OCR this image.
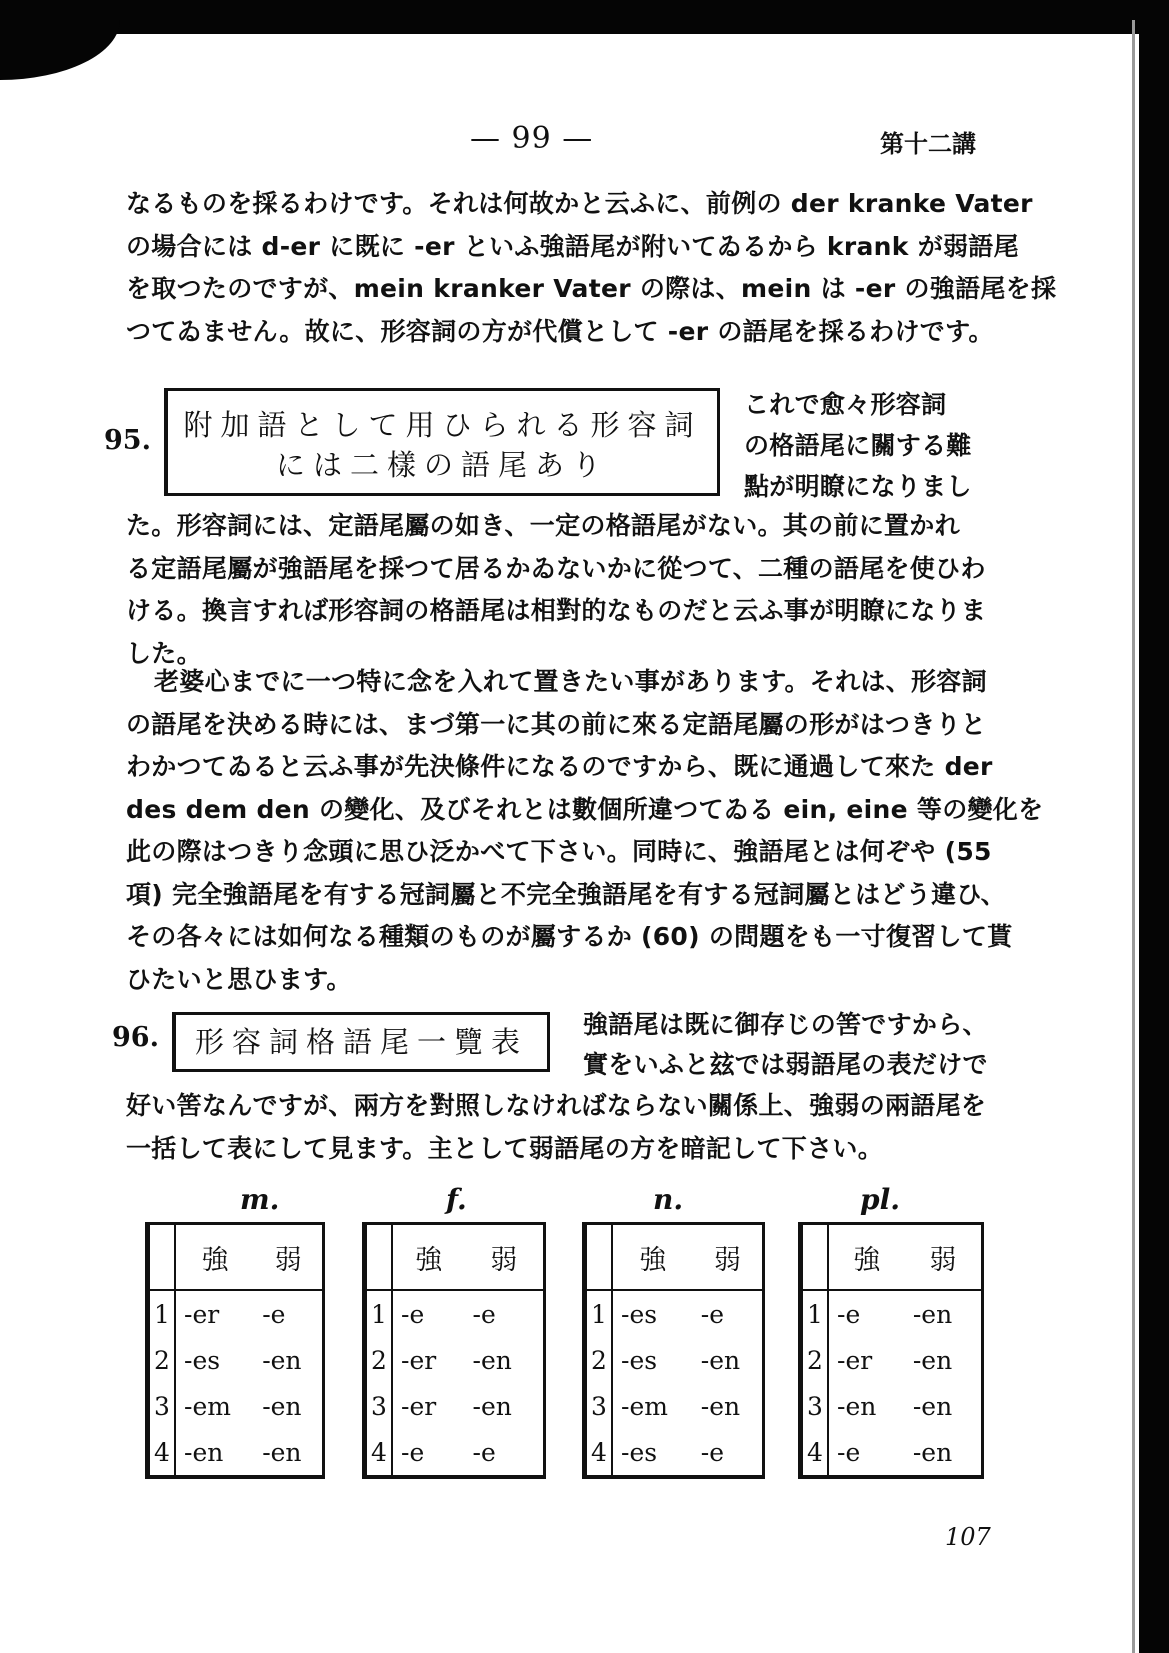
— 99 —	第十二講
なるものを採るわけです。それは何故かと云ふに、前例の der kranke Vater
の場合には d-er に既に -er といふ強語尾が附いてゐるから krank が弱語尾
を取つたのですが、mein kranker Vater の際は、mein は -er の強語尾を採
つてゐません。故に、形容詞の方が代償として -er の語尾を採るわけです。
95.	附加語として用ひられる形容詞
には二樣の語尾あり
これで愈々形容詞
の格語尾に關する難
點が明瞭になりまし
た。形容詞には、定語尾屬の如き、一定の格語尾がない。其の前に置かれ
る定語尾屬が強語尾を採つて居るかゐないかに從つて、二種の語尾を使ひわ
ける。換言すれば形容詞の格語尾は相對的なものだと云ふ事が明瞭になりま
した。
老婆心までに一つ特に念を入れて置きたい事があります。それは、形容詞
の語尾を決める時には、まづ第一に其の前に來る定語尾屬の形がはつきりと
わかつてゐると云ふ事が先決條件になるのですから、既に通過して來た der
des dem den の變化、及びそれとは數個所違つてゐる ein, eine 等の變化を
此の際はつきり念頭に思ひ泛かべて下さい。同時に、強語尾とは何ぞや (55
項) 完全強語尾を有する冠詞屬と不完全強語尾を有する冠詞屬とはどう違ひ、
その各々には如何なる種類のものが屬するか (60) の問題をも一寸復習して貰
ひたいと思ひます。
96.	形容詞格語尾一覽表
強語尾は既に御存じの筈ですから、
實をいふと玆では弱語尾の表だけで
好い筈なんですが、兩方を對照しなければならない關係上、強弱の兩語尾を
一括して表にして見ます。主として弱語尾の方を暗記して下さい。
m.	f.	n.	pl.
	強	弱
1	-er	-e
2	-es	-en
3	-em	-en
4	-en	-en
	強	弱
1	-e	-e
2	-er	-en
3	-er	-en
4	-e	-e
	強	弱
1	-es	-e
2	-es	-en
3	-em	-en
4	-es	-e
	強	弱
1	-e	-en
2	-er	-en
3	-en	-en
4	-e	-en
107
